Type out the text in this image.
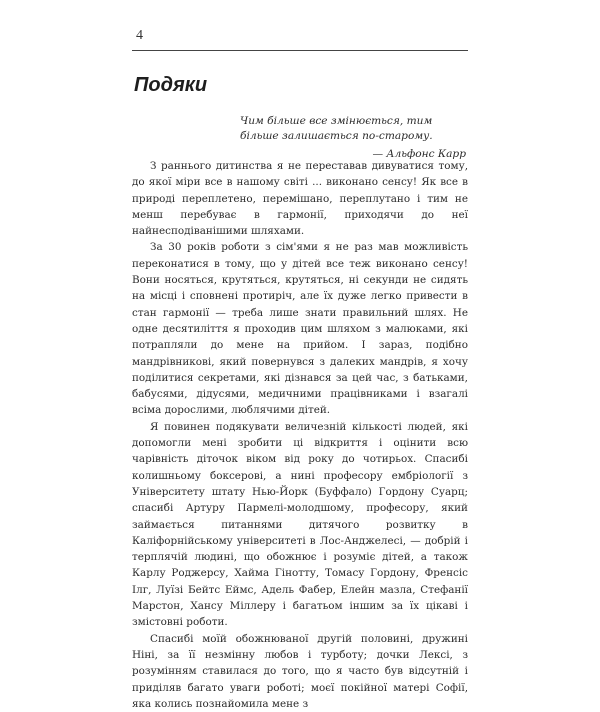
4
Подяки

Чим більше все змінюється, тим більше залишається по-старому.

— Альфонс Карр

З раннього дитинства я не переставав дивуватися тому, до якої міри все в нашому світі ... виконано сенсу! Як все в природі переплетено, перемішано, переплутано і тим не менш перебуває в гармонії, приходячи до неї найнесподіванішими шляхами.

За 30 років роботи з сім'ями я не раз мав можливість переконатися в тому, що у дітей все теж виконано сенсу! Вони носяться, крутяться, крутяться, ні секунди не сидять на місці і сповнені протиріч, але їх дуже легко привести в стан гармонії — треба лише знати правильний шлях. Не одне десятиліття я проходив цим шляхом з малюками, які потрапляли до мене на прийом. І зараз, подібно мандрівникові, який повернувся з далеких мандрів, я хочу поділитися секретами, які дізнався за цей час, з батьками, бабусями, дідусями, медичними працівниками і взагалі всіма дорослими, люблячими дітей.

Я повинен подякувати величезній кількості людей, які допомогли мені зробити ці відкриття і оцінити всю чарівність діточок віком від року до чотирьох. Спасибі колишньому боксерові, а нині професору ембріології з Університету штату Нью-Йорк (Буффало) Гордону Суарц; спасибі Артуру Пармелі-молодшому, професору, який займається питаннями дитячого розвитку в Каліфорнійському університеті в Лос-Анджелесі, — добрій і терплячій людині, що обожнює і розуміє дітей, а також Карлу Роджерсу, Хайма Гінотту, Томасу Гордону, Френсіс Ілг, Луїзі Бейтс Еймс, Адель Фабер, Елейн мазла, Стефанії Марстон, Хансу Міллеру і багатьом іншим за їх цікаві і змістовні роботи.

Спасибі моїй обожнюваної другій половині, дружині Ніні, за її незмінну любов і турботу; дочки Лексі, з розумінням ставилася до того, що я часто був відсутній і приділяв багато уваги роботі; моєї покійної матері Софії, яка колись познайомила мене з
